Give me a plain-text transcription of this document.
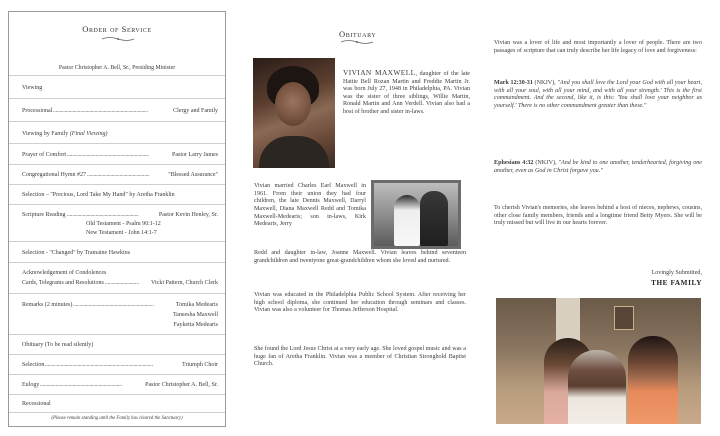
Order of Service
Pastor Christopher A. Bell, Sr., Presiding Minister
Viewing
Processional	Clergy and Family
.........................................................................
Viewing by Family (Final Viewing)
Prayer of Comfort	Pastor Larry James
...............................................................
Congregational Hymn #27	"Blessed Assurance"
................................................
Selection – "Precious, Lord Take My Hand" by Aretha Franklin
Scripture Reading	Pastor Kevin Henley, Sr.
.......................................................
Old Testament - Psalm 90:1-12
New Testament - John 14:1-7
Selection - "Changed" by Tramaine Hawkins
Acknowledgement of Condolences
Cards, Telegrams and Resolutions	Vicki Pattern, Church Clerk
..........................
Remarks (2 minutes)	Tomika Medearis
..............................................................
Taneesha Maxwell
Fayketta Medearis
Obituary (To be read silently)
Selection	Triumph Choir
...................................................................................
Eulogy	Pastor Christopher A. Bell, Sr.
...............................................................
Recessional
(Please remain standing until the Family has cleared the Sanctuary)
Obituary
VIVIAN MAXWELL, daughter of the late Hattie Bell Rozan Martin and Freddie Martin Jr. was born July 27, 1948 in Philadelphia, PA. Vivian was the sister of three siblings, Willie Martin, Ronald Martin and Ann Verdell. Vivian also had a host of brother and sister in-laws.
Vivian married Charles Earl Maxwell in 1961. From their union they had four children, the late Dennis Maxwell, Darryl Maxwell, Diana Maxwell Redd and Tomika Maxwell-Medearis; son in-laws, Kirk Medearis, Jerry
Redd and daughter in-law, Joanne Maxwell. Vivian leaves behind seventeen grandchildren and twentyone great-grandchildren whom she loved and nurtured.
Vivian was educated in the Philadelphia Public School System. After receiving her high school diploma, she continued her education through seminars and classes. Vivian was also a volunteer for Thomas Jefferson Hospital.
She found the Lord Jesus Christ at a very early age. She loved gospel music and was a huge fan of Aretha Franklin. Vivian was a member of Christian Stronghold Baptist Church.
Vivian was a lover of life and most importantly a lover of people. There are two passages of scripture that can truly describe her life legacy of love and forgiveness:
Mark 12:30-31 (NKJV), "And you shall love the Lord your God with all your heart, with all your soul, with all your mind, and with all your strength.' This is the first commandment. And the second, like it, is this: 'You shall love your neighbor as yourself.' There is no other commandment greater than these."
Ephesians 4:32 (NKJV), "And be kind to one another, tenderhearted, forgiving one another, even as God in Christ forgave you."
To cherish Vivian's memories, she leaves behind a host of nieces, nephews, cousins, other close family members, friends and a longtime friend Betty Myers. She will be truly missed but will live in our hearts forever.
Lovingly Submitted,
THE FAMILY
